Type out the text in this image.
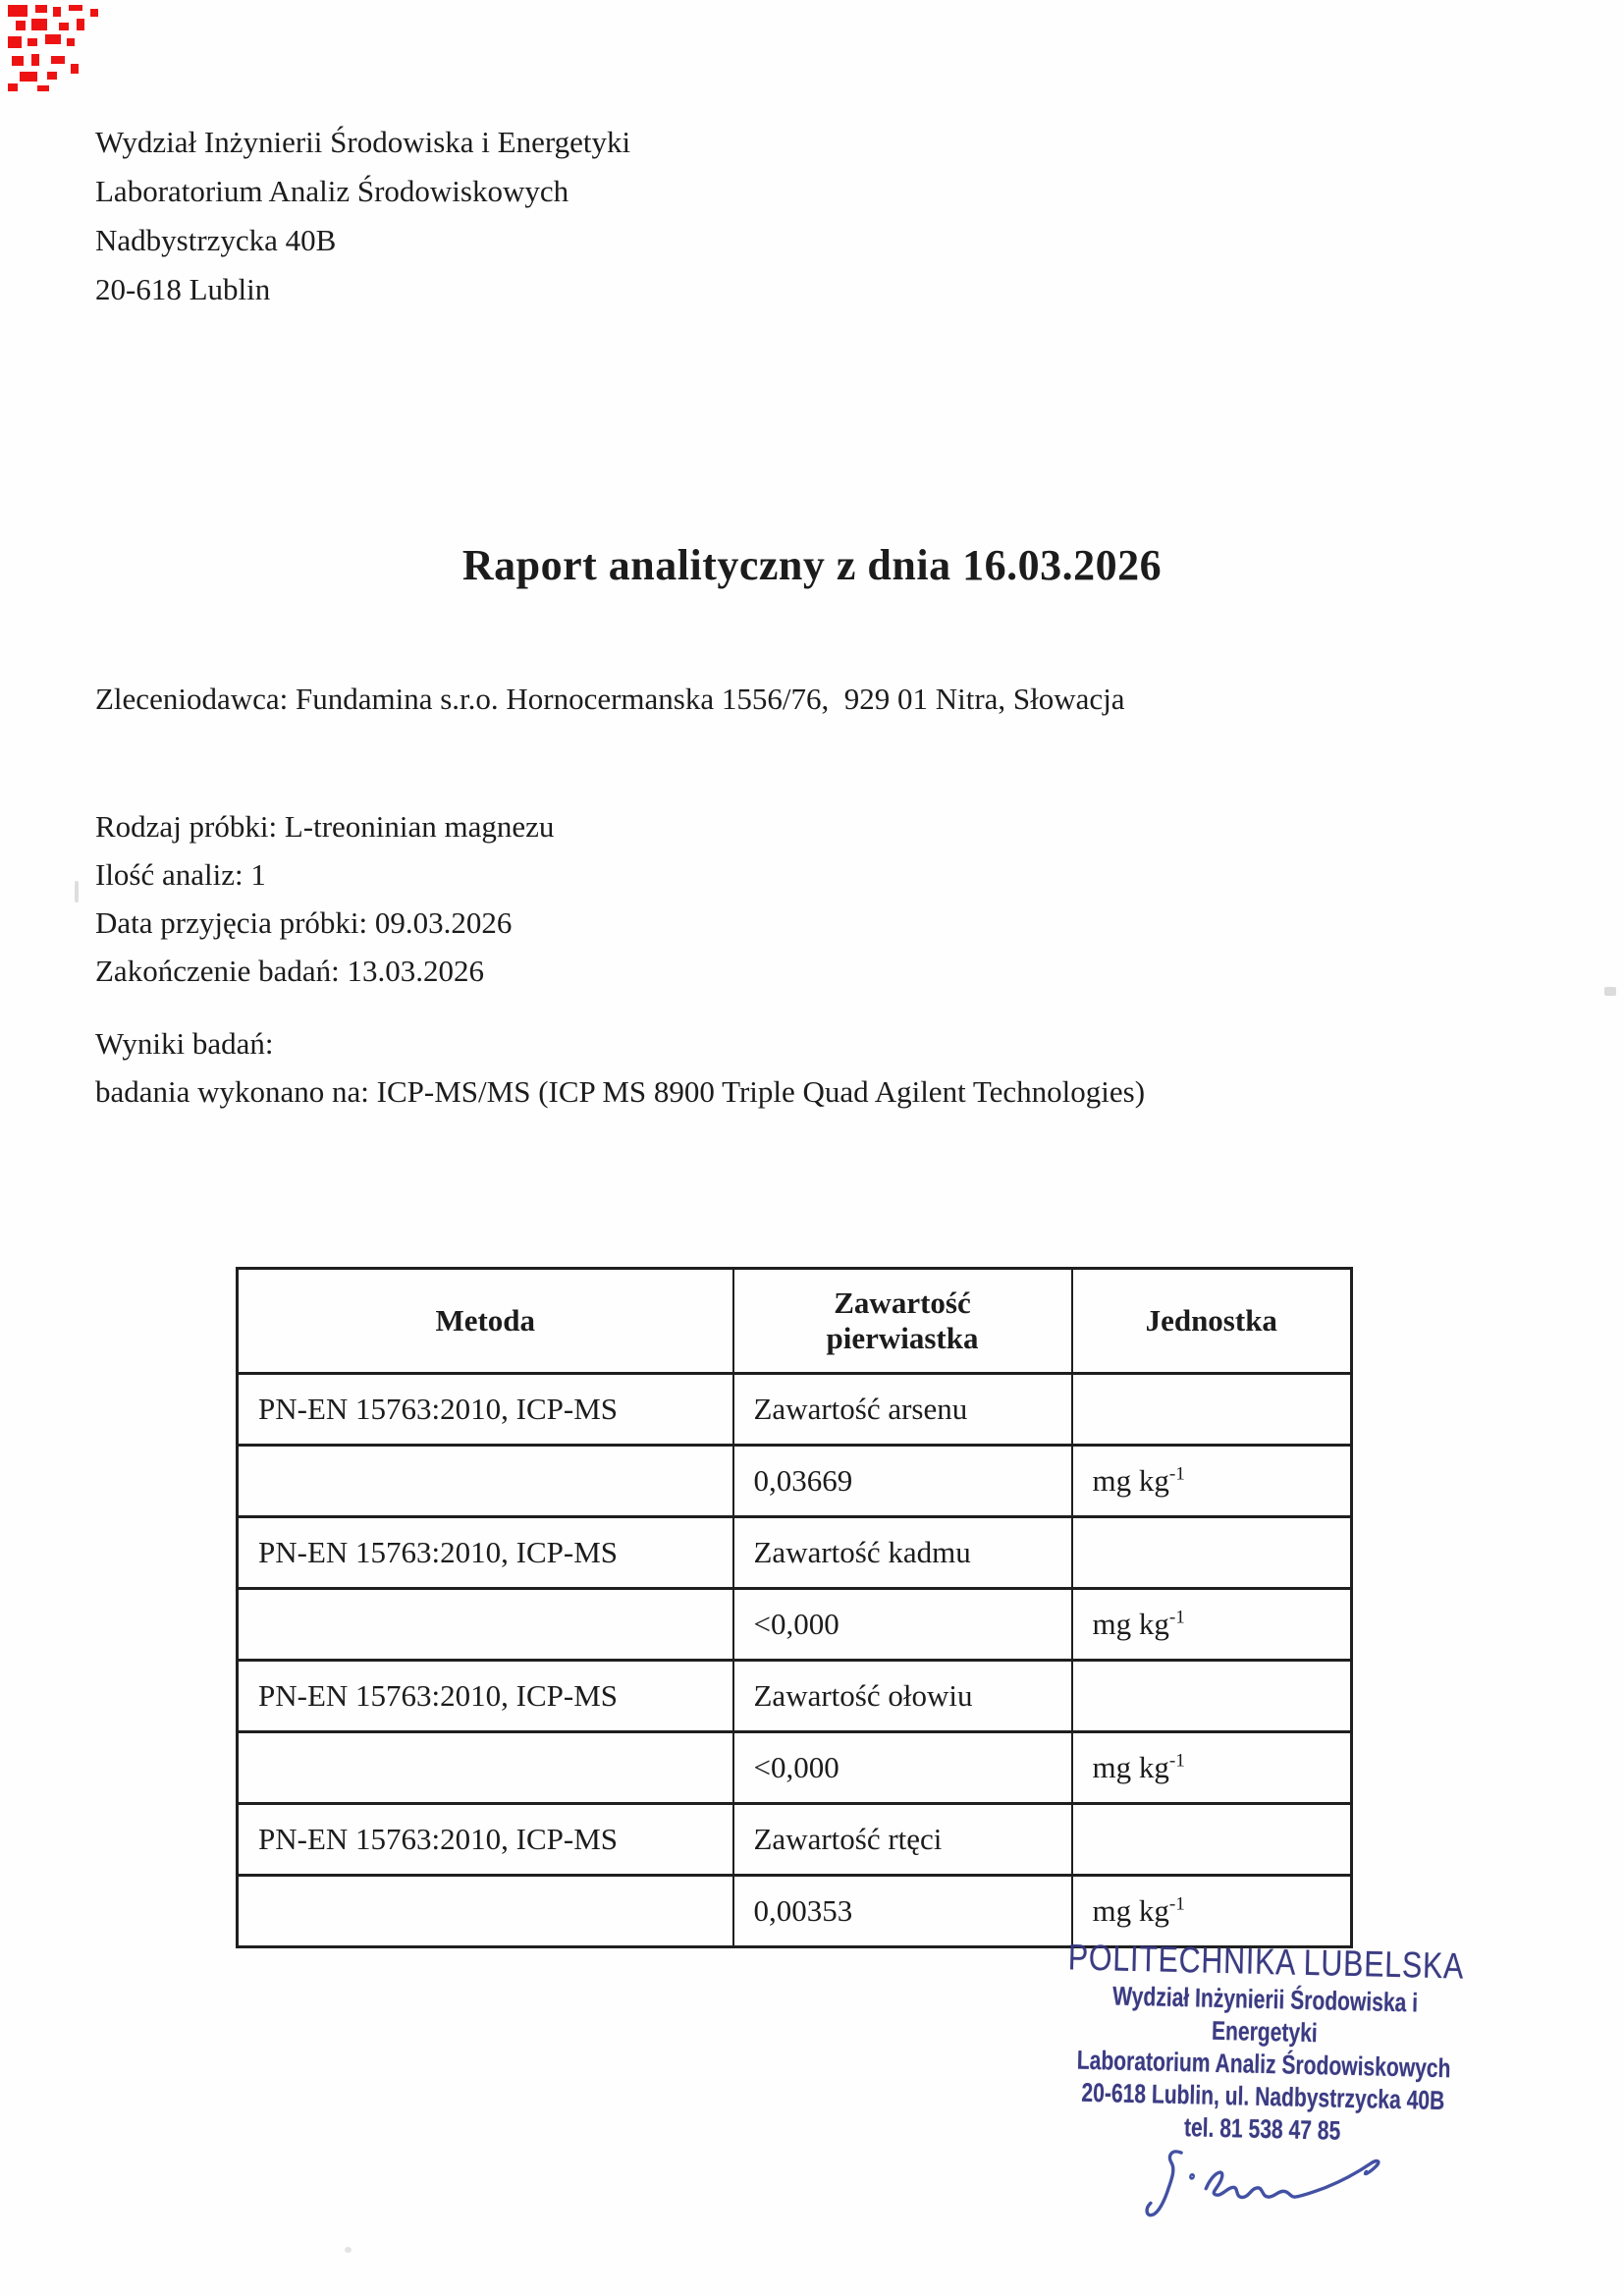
Wydział Inżynierii Środowiska i Energetyki
Laboratorium Analiz Środowiskowych
Nadbystrzycka 40B
20-618 Lublin
Raport analityczny z dnia 16.03.2026
Zleceniodawca: Fundamina s.r.o. Hornocermanska 1556/76,  929 01 Nitra, Słowacja
Rodzaj próbki: L-treoninian magnezu
Ilość analiz: 1
Data przyjęcia próbki: 09.03.2026
Zakończenie badań: 13.03.2026
Wyniki badań:
badania wykonano na: ICP-MS/MS (ICP MS 8900 Triple Quad Agilent Technologies)
Metoda	Zawartość pierwiastka	Jednostka
PN-EN 15763:2010, ICP-MS	Zawartość arsenu	
	0,03669	mg $kg^{-1}$
PN-EN 15763:2010, ICP-MS	Zawartość kadmu	
	<0,000	mg $kg^{-1}$
PN-EN 15763:2010, ICP-MS	Zawartość ołowiu	
	<0,000	mg $kg^{-1}$
PN-EN 15763:2010, ICP-MS	Zawartość rtęci	
	0,00353	mg $kg^{-1}$
POLITECHNIKA LUBELSKA
Wydział Inżynierii Środowiska i Energetyki
Laboratorium Analiz Środowiskowych
20-618 Lublin, ul. Nadbystrzycka 40B
tel. 81 538 47 85
